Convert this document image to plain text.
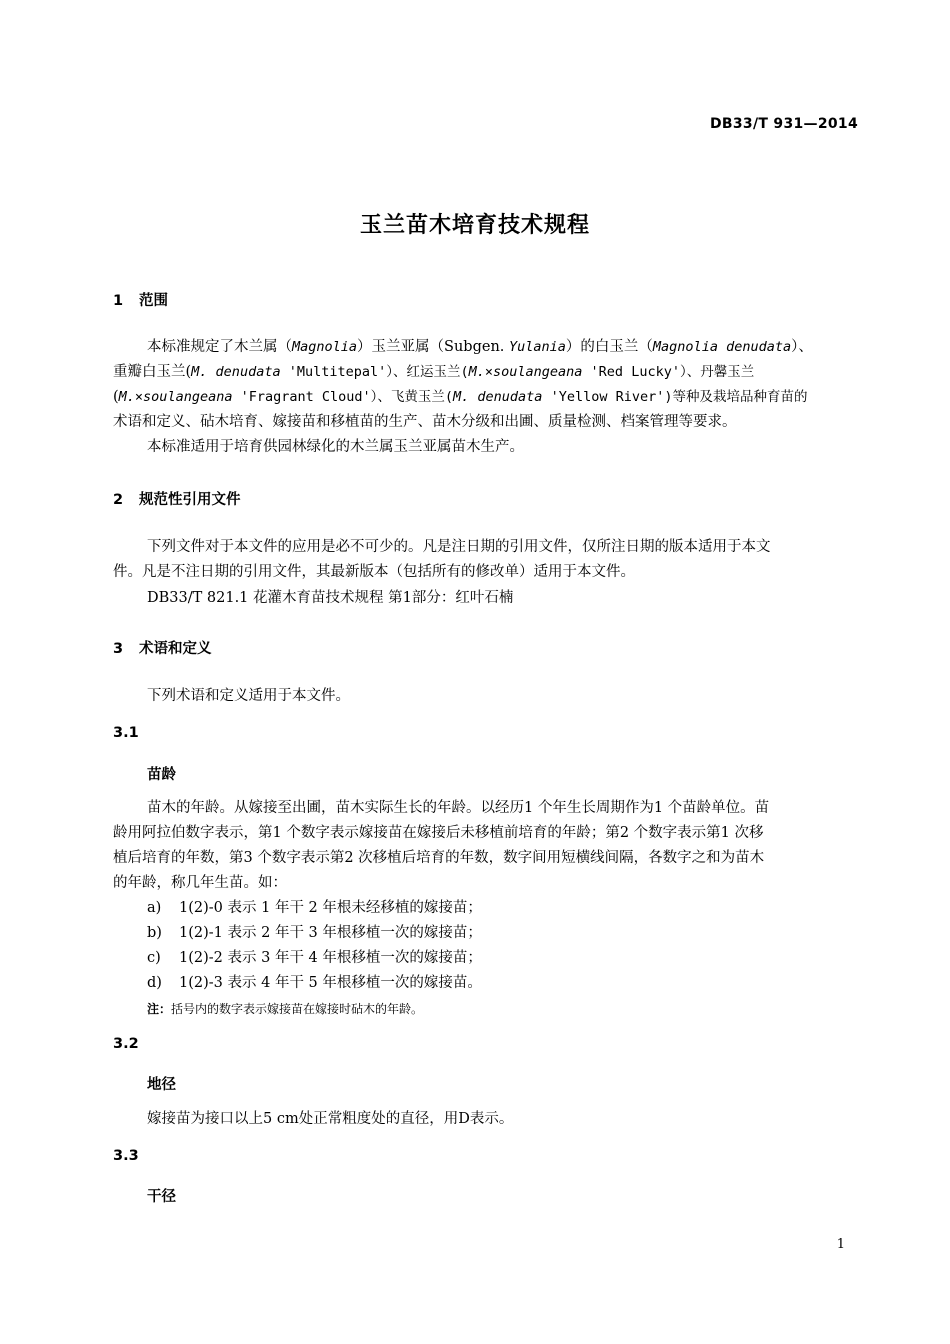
DB33/T 931—2014
玉兰苗木培育技术规程
1 范围
本标准规定了木兰属（Magnolia）玉兰亚属（Subgen. Yulania）的白玉兰（Magnolia denudata）、
重瓣白玉兰(M. denudata 'Multitepal'）、红运玉兰(M.×soulangeana 'Red Lucky'）、丹馨玉兰
(M.×soulangeana 'Fragrant Cloud'）、飞黄玉兰(M. denudata 'Yellow River')等种及栽培品种育苗的
术语和定义、砧木培育、嫁接苗和移植苗的生产、苗木分级和出圃、质量检测、档案管理等要求。
本标准适用于培育供园林绿化的木兰属玉兰亚属苗木生产。
2 规范性引用文件
下列文件对于本文件的应用是必不可少的。凡是注日期的引用文件，仅所注日期的版本适用于本文
件。凡是不注日期的引用文件，其最新版本（包括所有的修改单）适用于本文件。
DB33/T 821.1 花灌木育苗技术规程 第1部分：红叶石楠
3 术语和定义
下列术语和定义适用于本文件。
3.1
苗龄
苗木的年龄。从嫁接至出圃，苗木实际生长的年龄。以经历1 个年生长周期作为1 个苗龄单位。苗
龄用阿拉伯数字表示，第1 个数字表示嫁接苗在嫁接后未移植前培育的年龄；第2 个数字表示第1 次移
植后培育的年数，第3 个数字表示第2 次移植后培育的年数，数字间用短横线间隔，各数字之和为苗木
的年龄，称几年生苗。如：
a) 1(2)-0 表示 1 年干 2 年根未经移植的嫁接苗；
b) 1(2)-1 表示 2 年干 3 年根移植一次的嫁接苗；
c) 1(2)-2 表示 3 年干 4 年根移植一次的嫁接苗；
d) 1(2)-3 表示 4 年干 5 年根移植一次的嫁接苗。
注：括号内的数字表示嫁接苗在嫁接时砧木的年龄。
3.2
地径
嫁接苗为接口以上5 cm处正常粗度处的直径，用D表示。
3.3
干径
1
